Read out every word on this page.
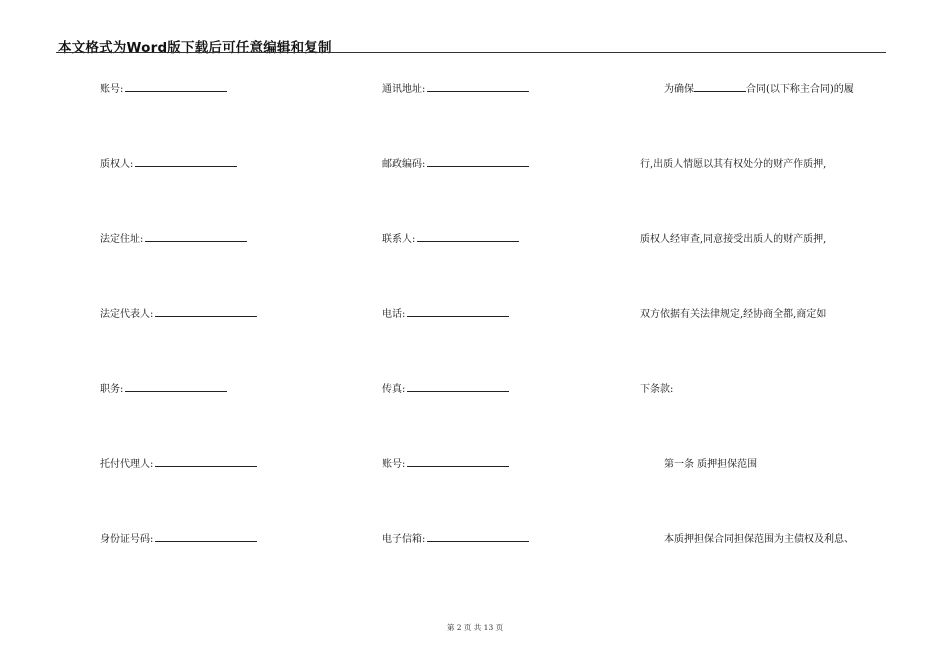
本文格式为Word版下载后可任意编辑和复制
账号:
质权人:
法定住址:
法定代表人:
职务:
托付代理人:
身份证号码:
通讯地址:
邮政编码:
联系人:
电话:
传真:
账号:
电子信箱:
为确保	合同(以下称主合同)的履
行,出质人情愿以其有权处分的财产作质押,
质权人经审查,同意接受出质人的财产质押,
双方依据有关法律规定,经协商全都,商定如
下条款:
第一条 质押担保范围
本质押担保合同担保范围为主债权及利息、
第 2 页 共 13 页
